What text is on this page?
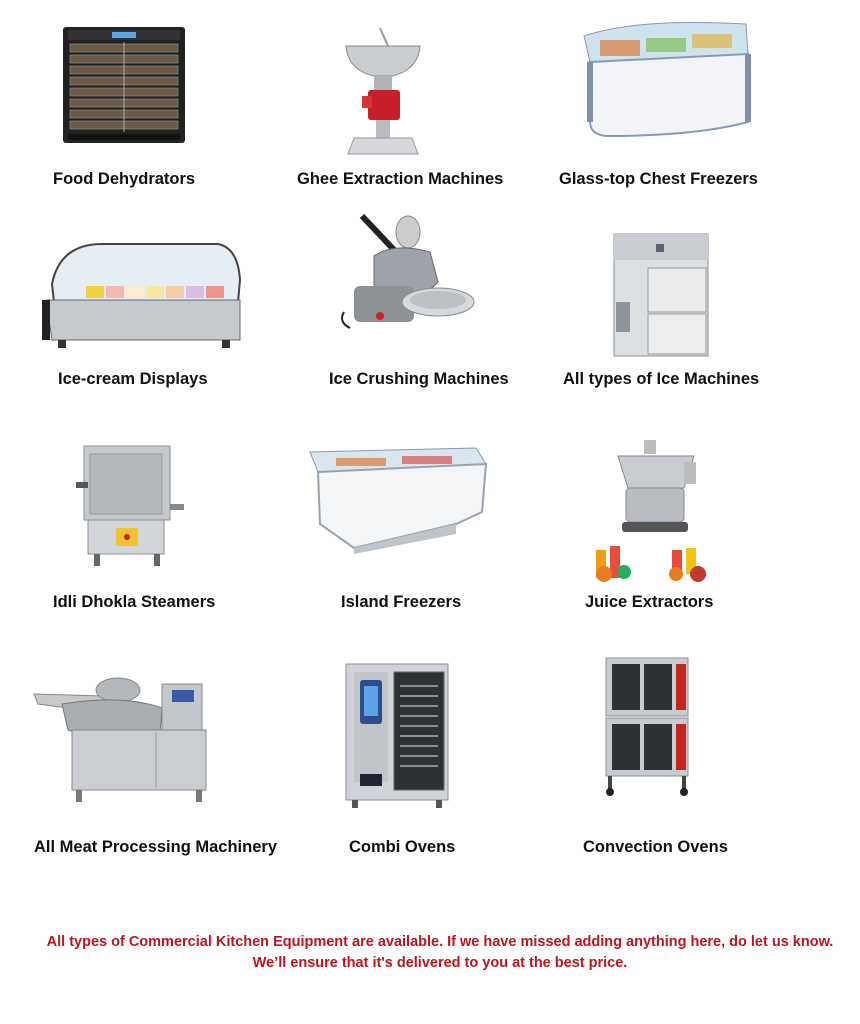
Food Dehydrators	Ghee Extraction Machines	Glass-top Chest Freezers
Ice-cream Displays	Ice Crushing Machines	All types of Ice Machines
Idli Dhokla Steamers	Island Freezers	Juice Extractors
All Meat Processing Machinery	Combi Ovens	Convection Ovens
All types of Commercial Kitchen Equipment are available. If we have missed adding anything here, do let us know. We’ll ensure that it's delivered to you at the best price.
